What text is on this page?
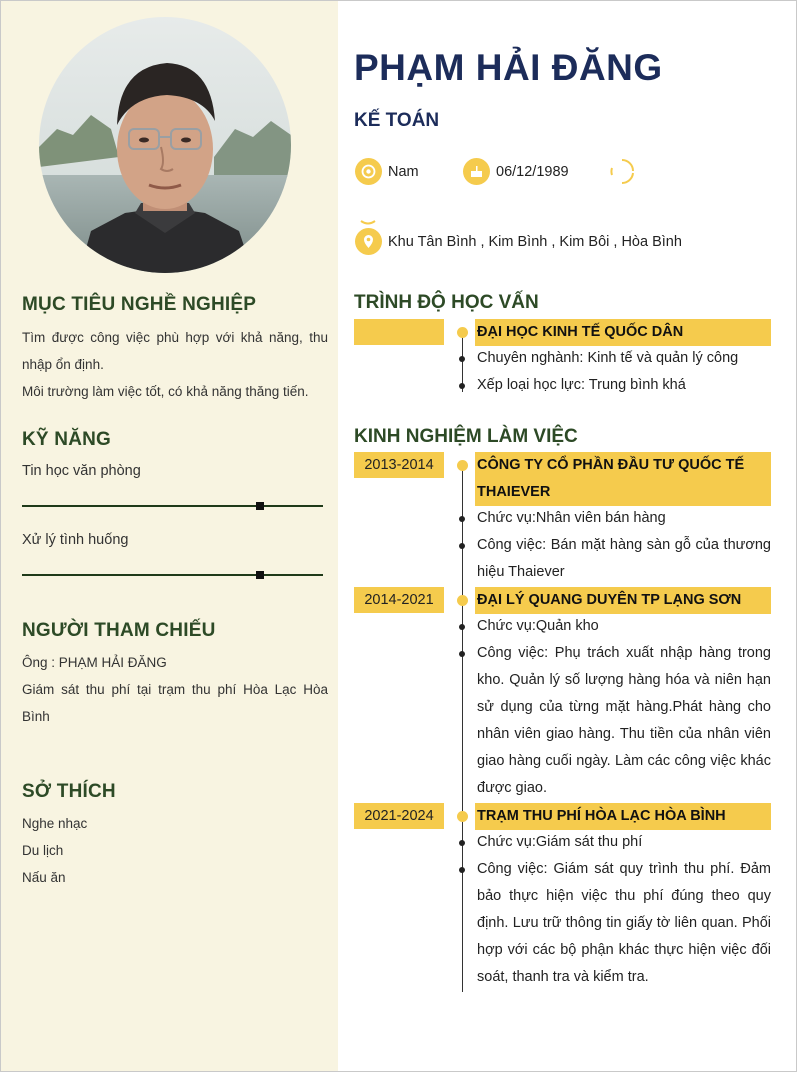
MỤC TIÊU NGHỀ NGHIỆP
Tìm được công việc phù hợp với khả năng, thu nhập ổn định.
Môi trường làm việc tốt, có khả năng thăng tiến.
KỸ NĂNG
Tin học văn phòng
Xử lý tình huống
NGƯỜI THAM CHIẾU
Ông : PHẠM HẢI ĐĂNG
Giám sát thu phí tại trạm thu phí Hòa Lạc Hòa Bình
SỞ THÍCH
Nghe nhạc
Du lịch
Nấu ăn
PHẠM HẢI ĐĂNG
KẾ TOÁN
Nam	06/12/1989
Khu Tân Bình , Kim Bình , Kim Bôi , Hòa Bình
TRÌNH ĐỘ HỌC VẤN
ĐẠI HỌC KINH TẾ QUỐC DÂN
Chuyên nghành: Kinh tế và quản lý công
Xếp loại học lực: Trung bình khá
KINH NGHIỆM LÀM VIỆC
2013-2014	CÔNG TY CỔ PHẦN ĐẦU TƯ QUỐC TẾ THAIEVER
Chức vụ:Nhân viên bán hàng
Công việc: Bán mặt hàng sàn gỗ của thương hiệu Thaiever
2014-2021	ĐẠI LÝ QUANG DUYÊN TP LẠNG SƠN
Chức vụ:Quản kho
Công việc: Phụ trách xuất nhập hàng trong kho. Quản lý số lượng hàng hóa và niên hạn sử dụng của từng mặt hàng.Phát hàng cho nhân viên giao hàng. Thu tiền của nhân viên giao hàng cuối ngày. Làm các công việc khác được giao.
2021-2024	TRẠM THU PHÍ HÒA LẠC HÒA BÌNH
Chức vụ:Giám sát thu phí
Công việc: Giám sát quy trình thu phí. Đảm bảo thực hiện việc thu phí đúng theo quy định. Lưu trữ thông tin giấy tờ liên quan. Phối hợp với các bộ phận khác thực hiện việc đối soát, thanh tra và kiểm tra.
